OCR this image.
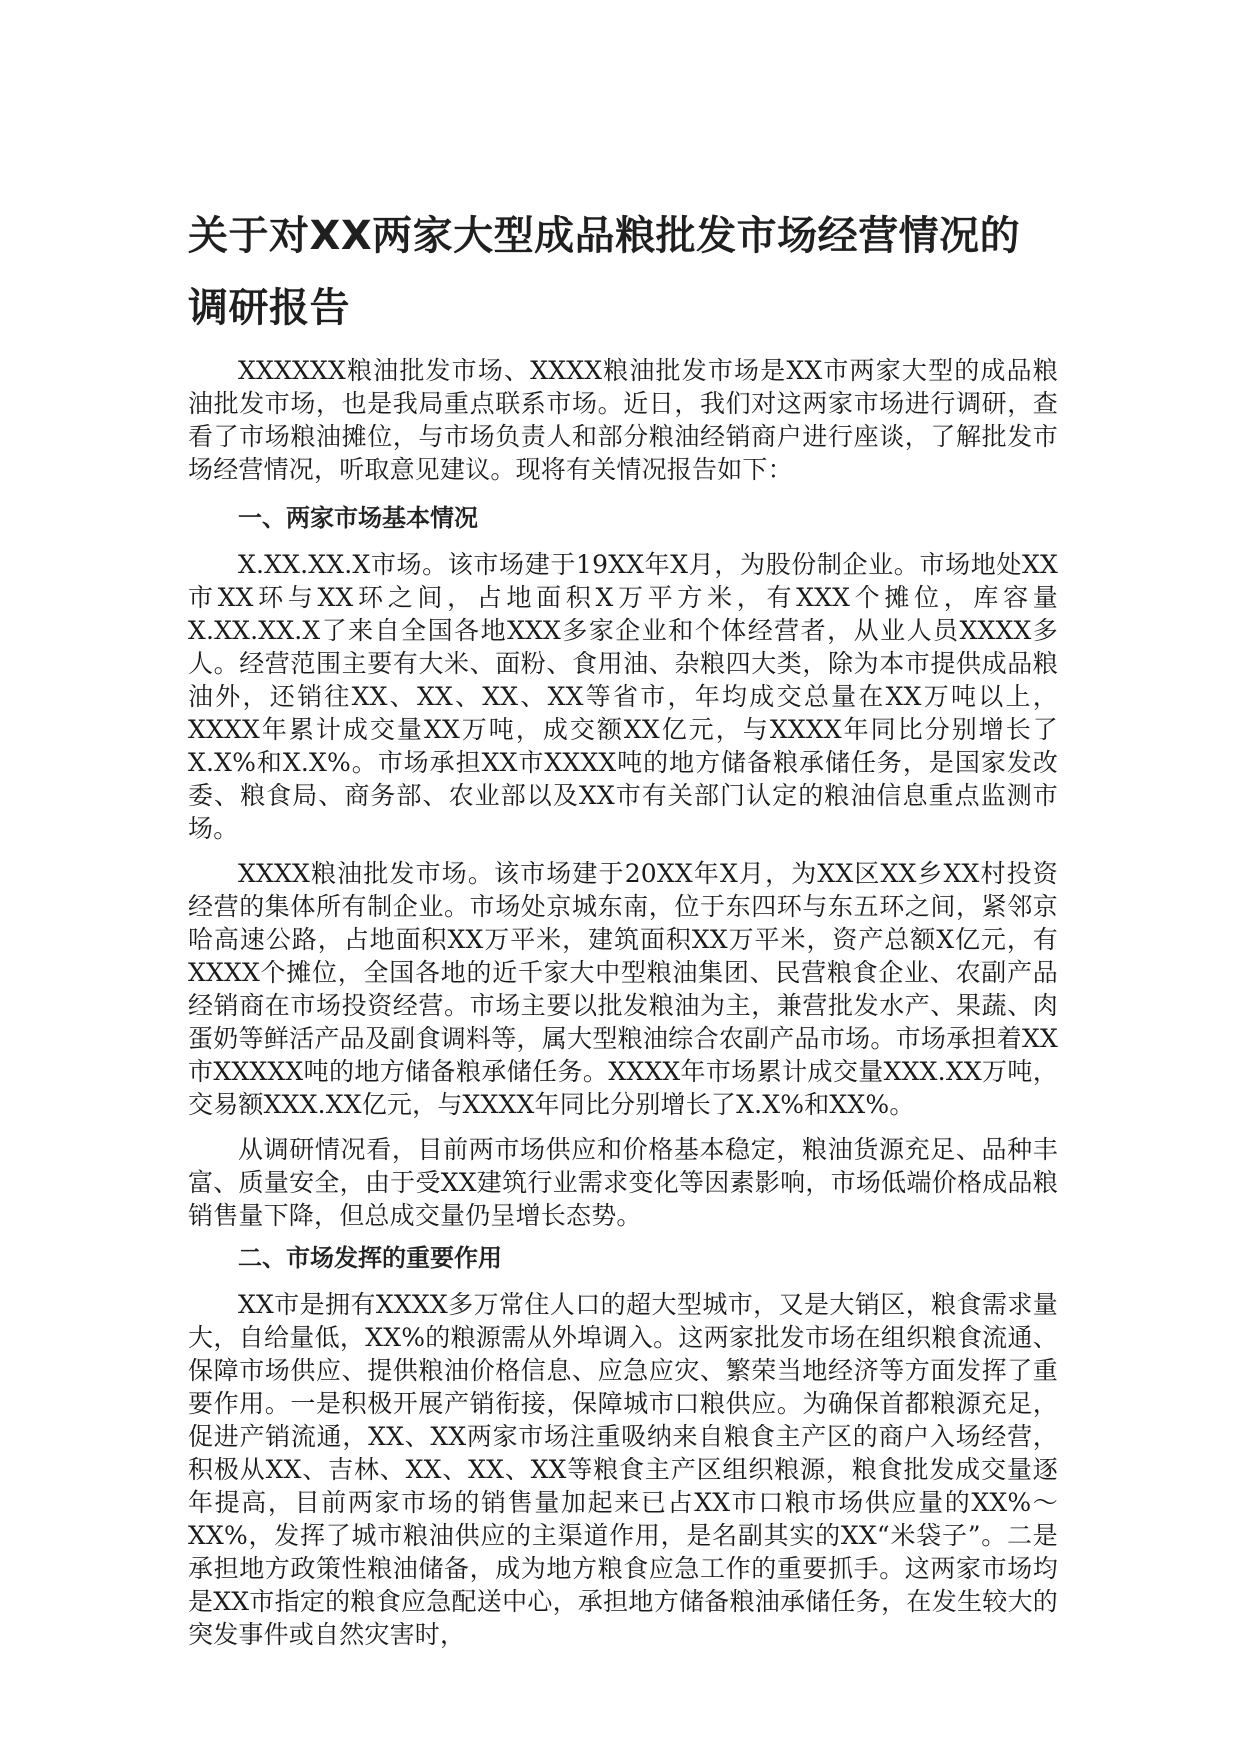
关于对XX两家大型成品粮批发市场经营情况的调研报告

XXXXXX粮油批发市场、XXXX粮油批发市场是XX市两家大型的成品粮油批发市场，也是我局重点联系市场。近日，我们对这两家市场进行调研，查看了市场粮油摊位，与市场负责人和部分粮油经销商户进行座谈，了解批发市场经营情况，听取意见建议。现将有关情况报告如下：

一、两家市场基本情况

X.XX.XX.X市场。该市场建于19XX年X月，为股份制企业。市场地处XX市XX环与XX环之间，占地面积X万平方米，有XXX个摊位，库容量X.XX.XX.X了来自全国各地XXX多家企业和个体经营者，从业人员XXXX多人。经营范围主要有大米、面粉、食用油、杂粮四大类，除为本市提供成品粮油外，还销往XX、XX、XX、XX等省市，年均成交总量在XX万吨以上，XXXX年累计成交量XX万吨，成交额XX亿元，与XXXX年同比分别增长了X.X%和X.X%。市场承担XX市XXXX吨的地方储备粮承储任务，是国家发改委、粮食局、商务部、农业部以及XX市有关部门认定的粮油信息重点监测市场。

XXXX粮油批发市场。该市场建于20XX年X月，为XX区XX乡XX村投资经营的集体所有制企业。市场处京城东南，位于东四环与东五环之间，紧邻京哈高速公路，占地面积XX万平米，建筑面积XX万平米，资产总额X亿元，有XXXX个摊位，全国各地的近千家大中型粮油集团、民营粮食企业、农副产品经销商在市场投资经营。市场主要以批发粮油为主，兼营批发水产、果蔬、肉蛋奶等鲜活产品及副食调料等，属大型粮油综合农副产品市场。市场承担着XX市XXXXX吨的地方储备粮承储任务。XXXX年市场累计成交量XXX.XX万吨，交易额XXX.XX亿元，与XXXX年同比分别增长了X.X%和XX%。

从调研情况看，目前两市场供应和价格基本稳定，粮油货源充足、品种丰富、质量安全，由于受XX建筑行业需求变化等因素影响，市场低端价格成品粮销售量下降，但总成交量仍呈增长态势。

二、市场发挥的重要作用

XX市是拥有XXXX多万常住人口的超大型城市，又是大销区，粮食需求量大，自给量低，XX%的粮源需从外埠调入。这两家批发市场在组织粮食流通、保障市场供应、提供粮油价格信息、应急应灾、繁荣当地经济等方面发挥了重要作用。一是积极开展产销衔接，保障城市口粮供应。为确保首都粮源充足，促进产销流通，XX、XX两家市场注重吸纳来自粮食主产区的商户入场经营，积极从XX、吉林、XX、XX、XX等粮食主产区组织粮源，粮食批发成交量逐年提高，目前两家市场的销售量加起来已占XX市口粮市场供应量的XX%～XX%，发挥了城市粮油供应的主渠道作用，是名副其实的XX“米袋子”。二是承担地方政策性粮油储备，成为地方粮食应急工作的重要抓手。这两家市场均是XX市指定的粮食应急配送中心，承担地方储备粮油承储任务，在发生较大的突发事件或自然灾害时，
